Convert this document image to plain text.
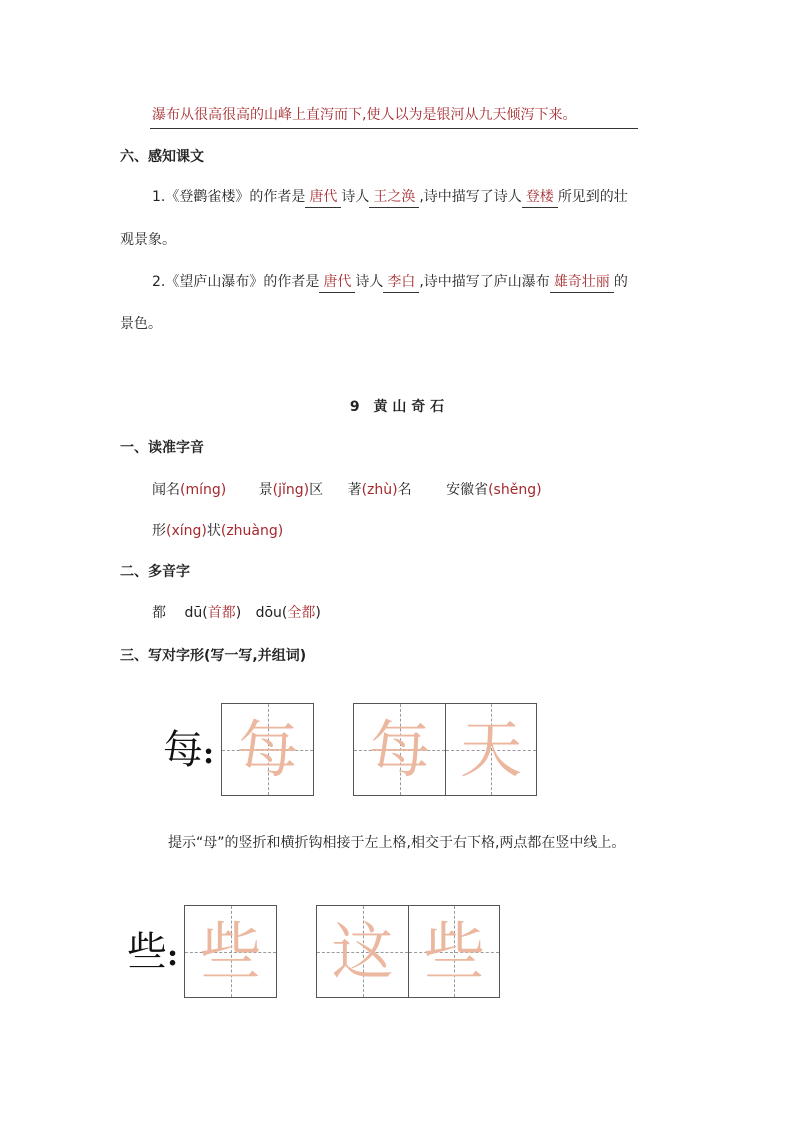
瀑布从很高很高的山峰上直泻而下,使人以为是银河从九天倾泻下来。
六、感知课文
1.《登鹳雀楼》的作者是 唐代 诗人 王之涣 ,诗中描写了诗人 登楼 所见到的壮
观景象。
2.《望庐山瀑布》的作者是 唐代 诗人 李白 ,诗中描写了庐山瀑布 雄奇壮丽 的
景色。
9　黄 山 奇 石
一、读准字音
闻名(míng) 景(jǐng)区 著(zhù)名 安徽省(shěng)
形(xíng)状(zhuàng)
二、多音字
都 dū(首都) dōu(全都)
三、写对字形(写一写,并组词)
每: 每 每 天
提示“母”的竖折和横折钩相接于左上格,相交于右下格,两点都在竖中线上。
些: 些 这 些
